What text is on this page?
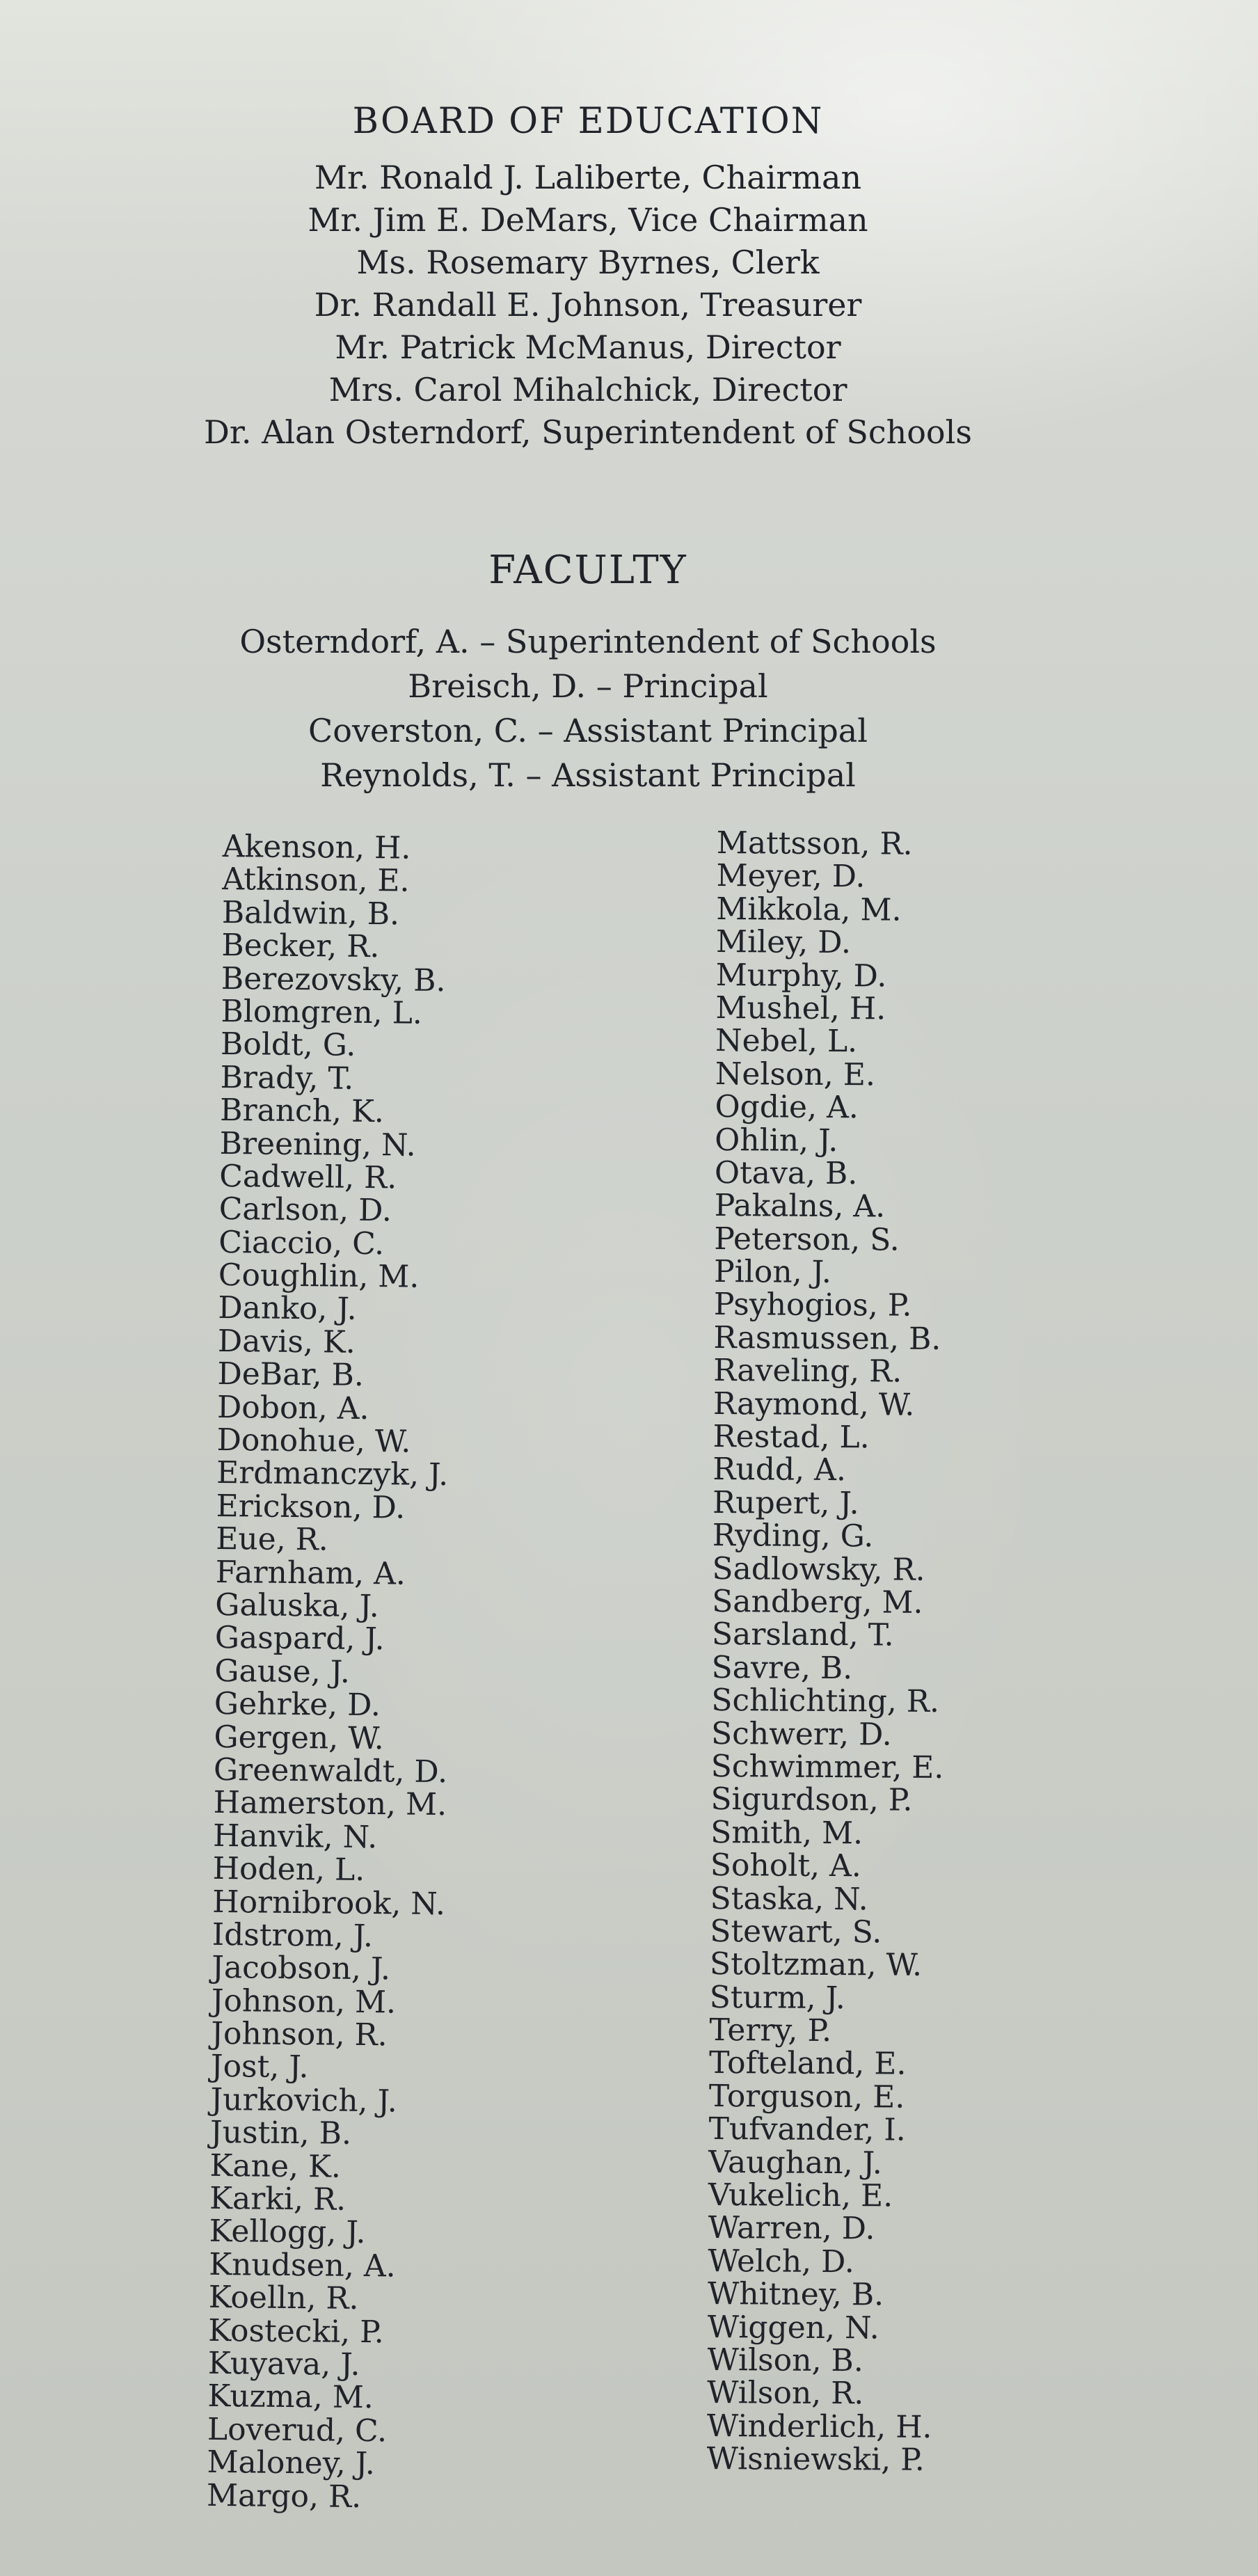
BOARD OF EDUCATION
Mr. Ronald J. Laliberte, Chairman
Mr. Jim E. DeMars, Vice Chairman
Ms. Rosemary Byrnes, Clerk
Dr. Randall E. Johnson, Treasurer
Mr. Patrick McManus, Director
Mrs. Carol Mihalchick, Director
Dr. Alan Osterndorf, Superintendent of Schools
FACULTY
Osterndorf, A. – Superintendent of Schools
Breisch, D. – Principal
Coverston, C. – Assistant Principal
Reynolds, T. – Assistant Principal
Akenson, H.
Atkinson, E.
Baldwin, B.
Becker, R.
Berezovsky, B.
Blomgren, L.
Boldt, G.
Brady, T.
Branch, K.
Breening, N.
Cadwell, R.
Carlson, D.
Ciaccio, C.
Coughlin, M.
Danko, J.
Davis, K.
DeBar, B.
Dobon, A.
Donohue, W.
Erdmanczyk, J.
Erickson, D.
Eue, R.
Farnham, A.
Galuska, J.
Gaspard, J.
Gause, J.
Gehrke, D.
Gergen, W.
Greenwaldt, D.
Hamerston, M.
Hanvik, N.
Hoden, L.
Hornibrook, N.
Idstrom, J.
Jacobson, J.
Johnson, M.
Johnson, R.
Jost, J.
Jurkovich, J.
Justin, B.
Kane, K.
Karki, R.
Kellogg, J.
Knudsen, A.
Koelln, R.
Kostecki, P.
Kuyava, J.
Kuzma, M.
Loverud, C.
Maloney, J.
Margo, R.
Mattsson, R.
Meyer, D.
Mikkola, M.
Miley, D.
Murphy, D.
Mushel, H.
Nebel, L.
Nelson, E.
Ogdie, A.
Ohlin, J.
Otava, B.
Pakalns, A.
Peterson, S.
Pilon, J.
Psyhogios, P.
Rasmussen, B.
Raveling, R.
Raymond, W.
Restad, L.
Rudd, A.
Rupert, J.
Ryding, G.
Sadlowsky, R.
Sandberg, M.
Sarsland, T.
Savre, B.
Schlichting, R.
Schwerr, D.
Schwimmer, E.
Sigurdson, P.
Smith, M.
Soholt, A.
Staska, N.
Stewart, S.
Stoltzman, W.
Sturm, J.
Terry, P.
Tofteland, E.
Torguson, E.
Tufvander, I.
Vaughan, J.
Vukelich, E.
Warren, D.
Welch, D.
Whitney, B.
Wiggen, N.
Wilson, B.
Wilson, R.
Winderlich, H.
Wisniewski, P.
